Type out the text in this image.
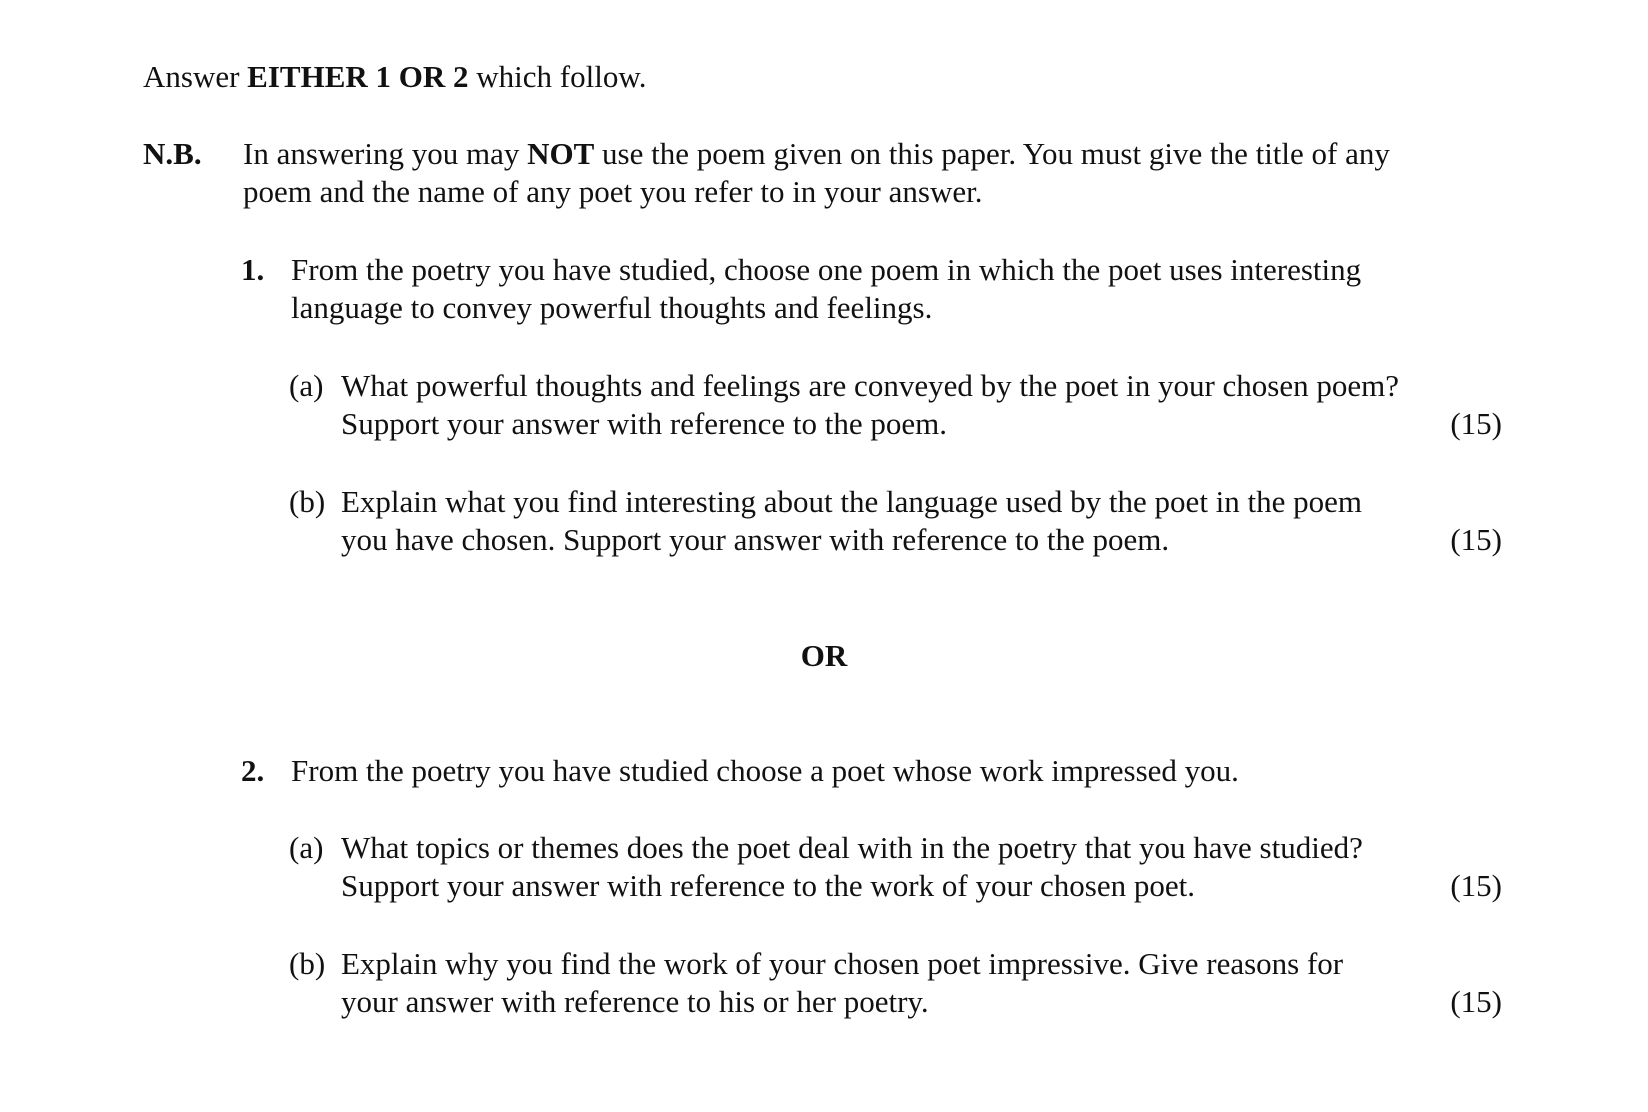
Answer EITHER 1 OR 2 which follow.
N.B. In answering you may NOT use the poem given on this paper. You must give the title of any
poem and the name of any poet you refer to in your answer.
1. From the poetry you have studied, choose one poem in which the poet uses interesting
language to convey powerful thoughts and feelings.
(a) What powerful thoughts and feelings are conveyed by the poet in your chosen poem?
Support your answer with reference to the poem.	(15)
(b) Explain what you find interesting about the language used by the poet in the poem
you have chosen. Support your answer with reference to the poem.	(15)
OR
2. From the poetry you have studied choose a poet whose work impressed you.
(a) What topics or themes does the poet deal with in the poetry that you have studied?
Support your answer with reference to the work of your chosen poet.	(15)
(b) Explain why you find the work of your chosen poet impressive. Give reasons for
your answer with reference to his or her poetry.	(15)
